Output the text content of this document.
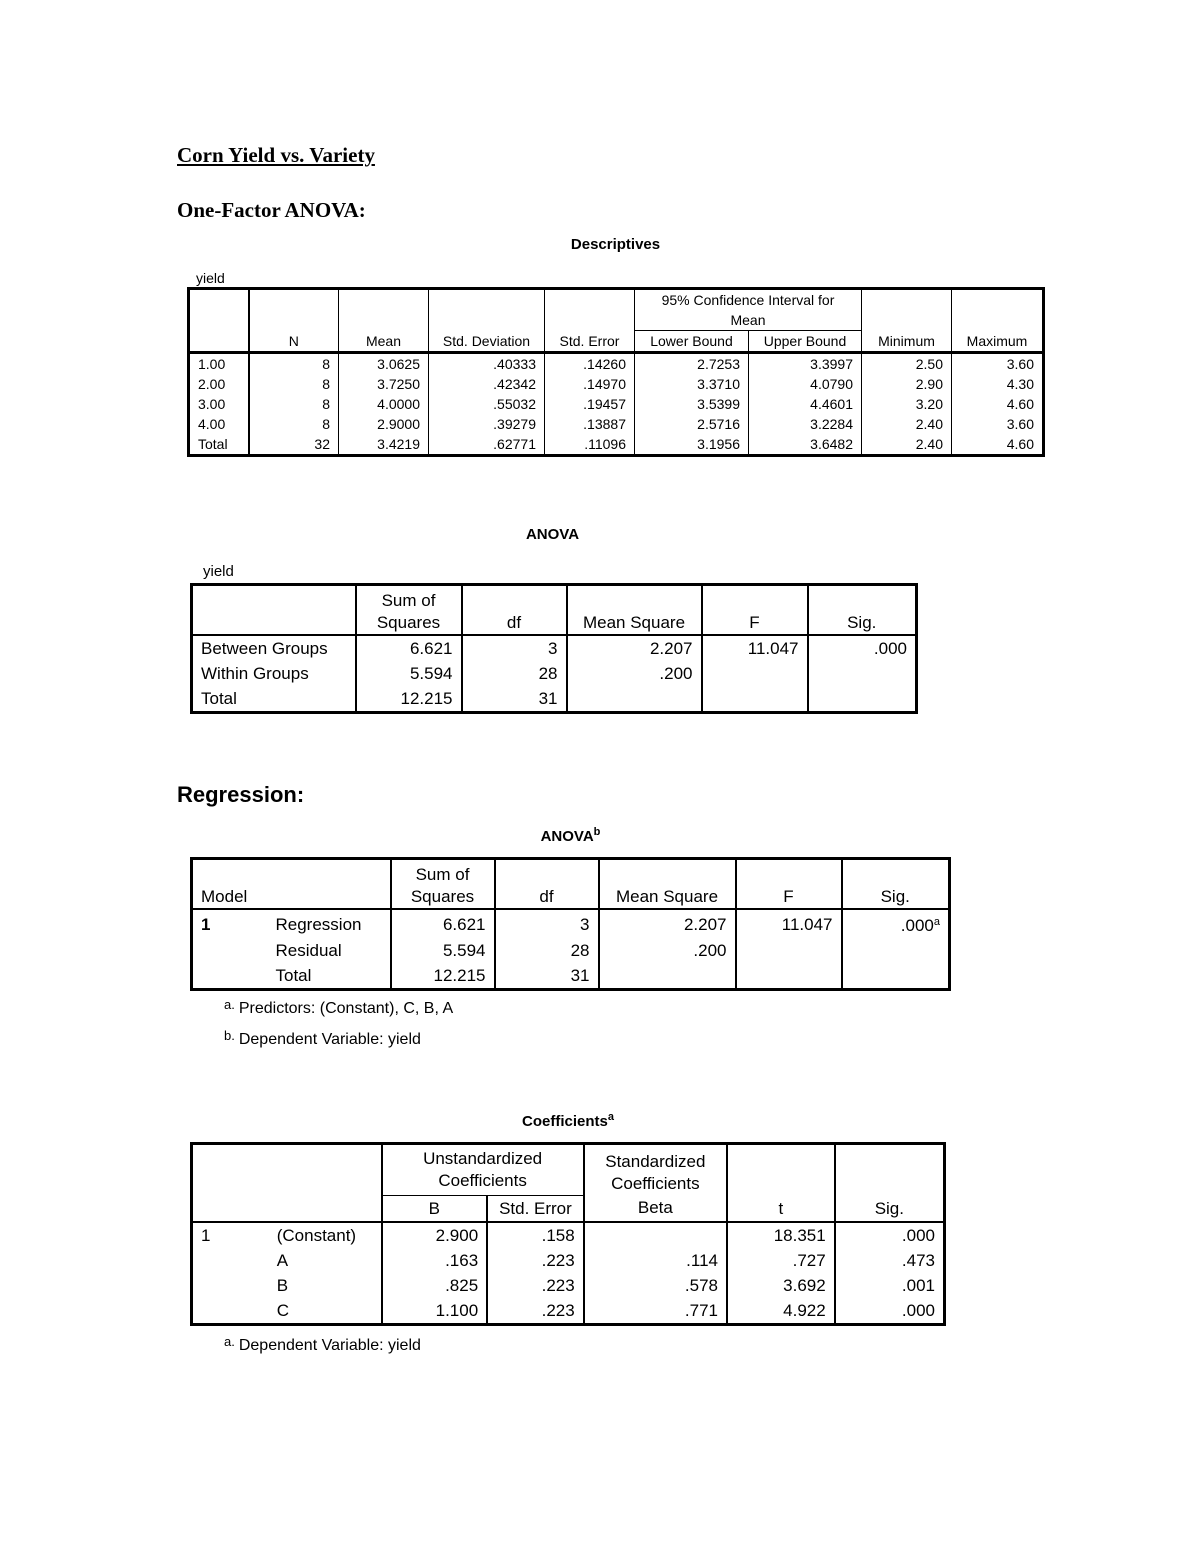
Corn Yield vs. Variety
One-Factor ANOVA:
Descriptives
yield
	N	Mean	Std. Deviation	Std. Error	95% Confidence Interval for Mean		Minimum	Maximum
					Lower Bound	Upper Bound		
1.00	8	3.0625	.40333	.14260	2.7253	3.3997	2.50	3.60
2.00	8	3.7250	.42342	.14970	3.3710	4.0790	2.90	4.30
3.00	8	4.0000	.55032	.19457	3.5399	4.4601	3.20	4.60
4.00	8	2.9000	.39279	.13887	2.5716	3.2284	2.40	3.60
Total	32	3.4219	.62771	.11096	3.1956	3.6482	2.40	4.60
ANOVA
yield
	Sum of
Squares	df	Mean Square	F	Sig.
Between Groups	6.621	3	2.207	11.047	.000
Within Groups	5.594	28	.200		
Total	12.215	31			
Regression:
ANOVA$^b$
Model		Sum of
Squares	df	Mean Square	F	Sig.
1	Regression	6.621	3	2.207	11.047	.000$^a$
	Residual	5.594	28	.200		
	Total	12.215	31			
$^{a.}$ Predictors: (Constant), C, B, A
$^{b.}$ Dependent Variable: yield
Coefficients$^a$
		Unstandardized
Coefficients		Standardized
Coefficients	t	Sig.
		B	Std. Error	Beta		
1	(Constant)	2.900	.158		18.351	.000
	A	.163	.223	.114	.727	.473
	B	.825	.223	.578	3.692	.001
	C	1.100	.223	.771	4.922	.000
$^{a.}$ Dependent Variable: yield
